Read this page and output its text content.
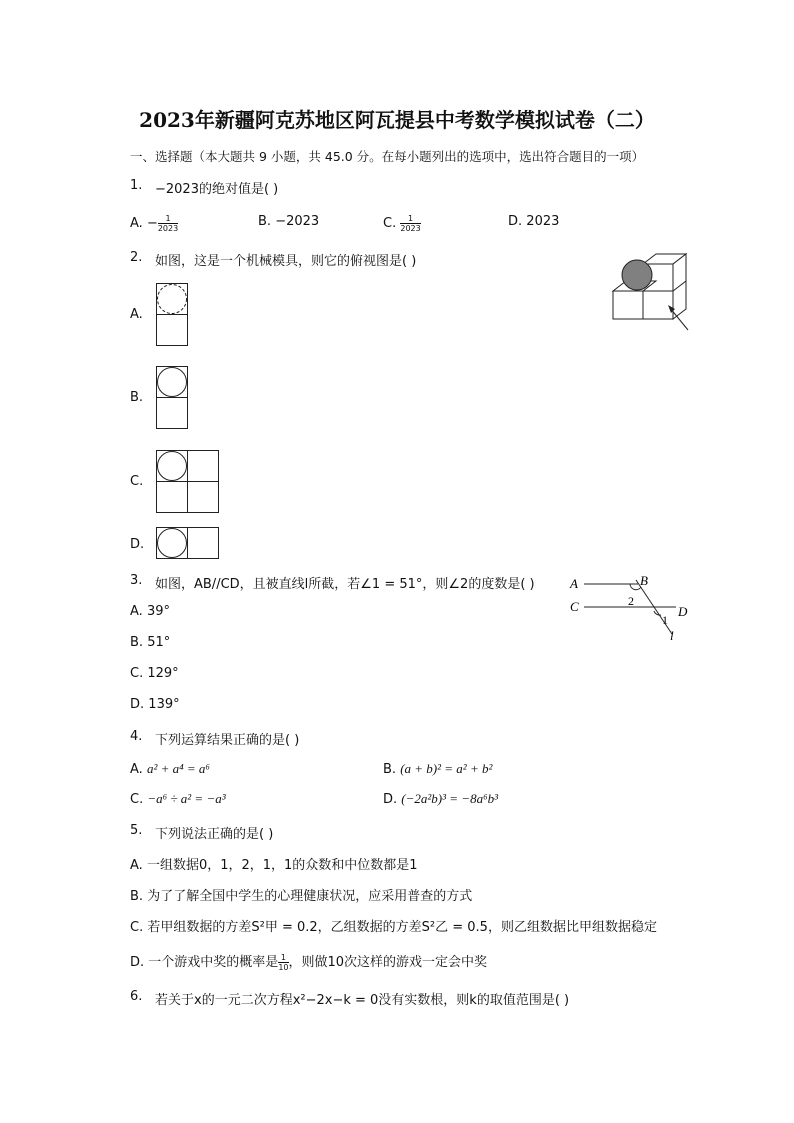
2023年新疆阿克苏地区阿瓦提县中考数学模拟试卷（二）
一、选择题（本大题共 9 小题，共 45.0 分。在每小题列出的选项中，选出符合题目的一项）
1. −2023的绝对值是( )
A. − $\frac{1}{2023}$	B. −2023	C. $\frac{1}{2023}$	D. 2023
2. 如图，这是一个机械模具，则它的俯视图是( )
A.
B.
C.
D.
3. 如图，AB//CD，且被直线l所截，若∠1 = 51°，则∠2的度数是( )	A	B
C	D
2
1
l
A. 39°
B. 51°
C. 129°
D. 139°
4. 下列运算结果正确的是( )
A. a² + a⁴ = a⁶	B. (a + b)² = a² + b²
C. −a⁶ ÷ a² = −a³	D. (−2a²b)³ = −8a⁶b³
5. 下列说法正确的是( )
A. 一组数据0，1，2，1，1的众数和中位数都是1
B. 为了了解全国中学生的心理健康状况，应采用普查的方式
C. 若甲组数据的方差S²甲 = 0.2，乙组数据的方差S²乙 = 0.5，则乙组数据比甲组数据稳定
D. 一个游戏中奖的概率是 $\frac{1}{10}$ ，则做10次这样的游戏一定会中奖
6. 若关于x的一元二次方程x²−2x−k = 0没有实数根，则k的取值范围是( )
